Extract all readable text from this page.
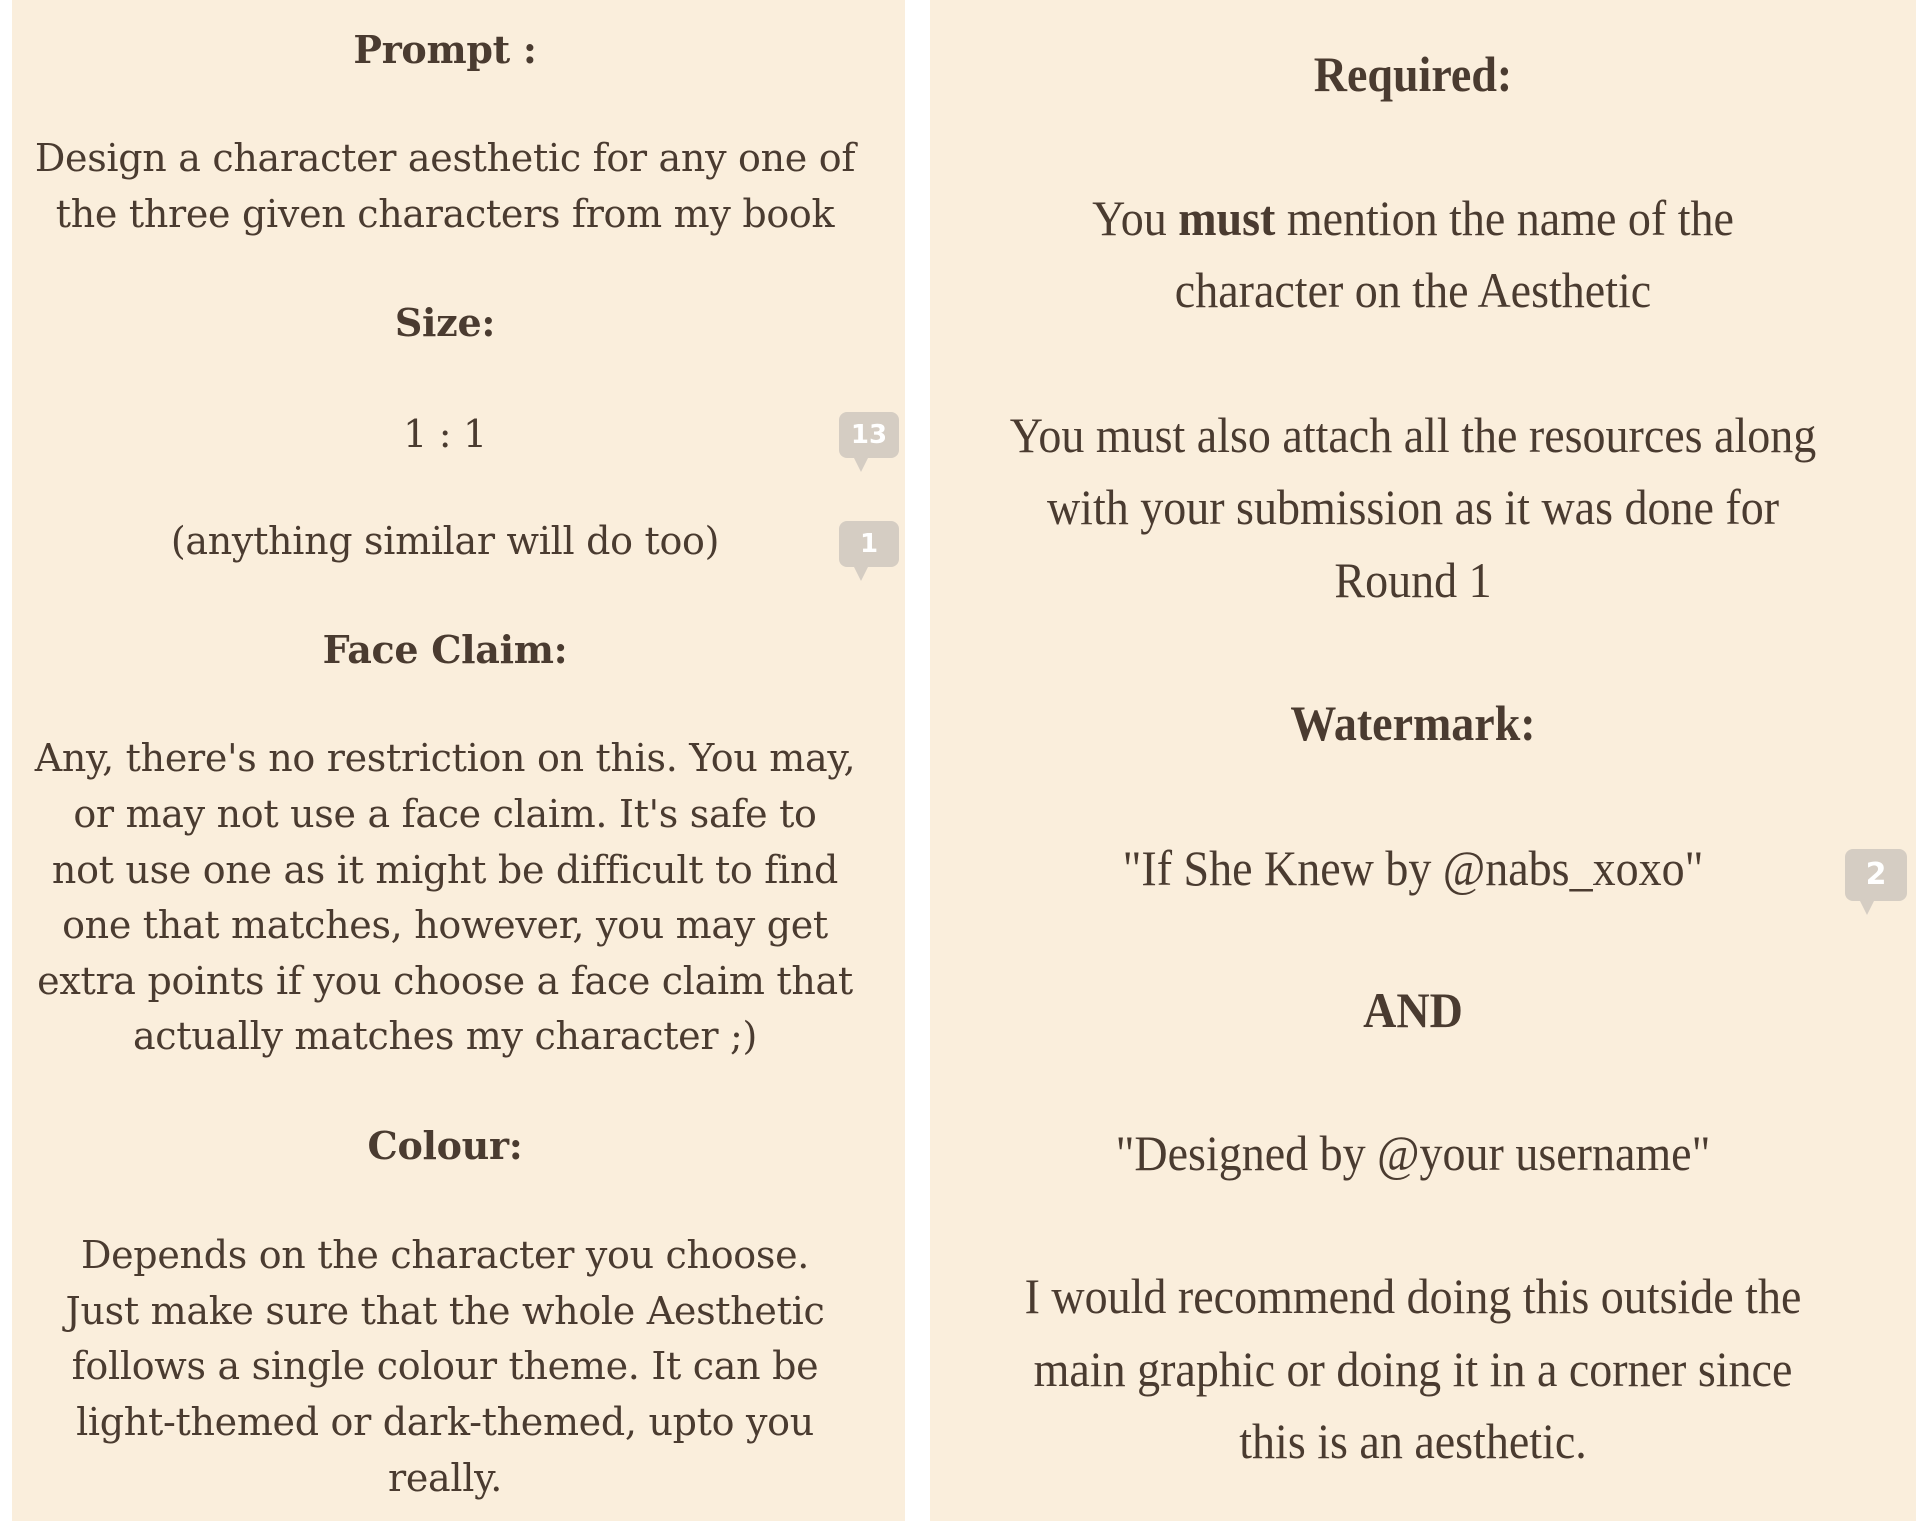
Prompt :
Design a character aesthetic for any one of
the three given characters from my book
Size:
1 : 1
(anything similar will do too)
Face Claim:
Any, there's no restriction on this. You may,
or may not use a face claim. It's safe to
not use one as it might be difficult to find
one that matches, however, you may get
extra points if you choose a face claim that
actually matches my character ;)
Colour:
Depends on the character you choose.
Just make sure that the whole Aesthetic
follows a single colour theme. It can be
light-themed or dark-themed, upto you
really.
13
1
Required:
You must mention the name of the
character on the Aesthetic
You must also attach all the resources along
with your submission as it was done for
Round 1
Watermark:
"If She Knew by @nabs_xoxo"
AND
"Designed by @your username"
I would recommend doing this outside the
main graphic or doing it in a corner since
this is an aesthetic.
2
